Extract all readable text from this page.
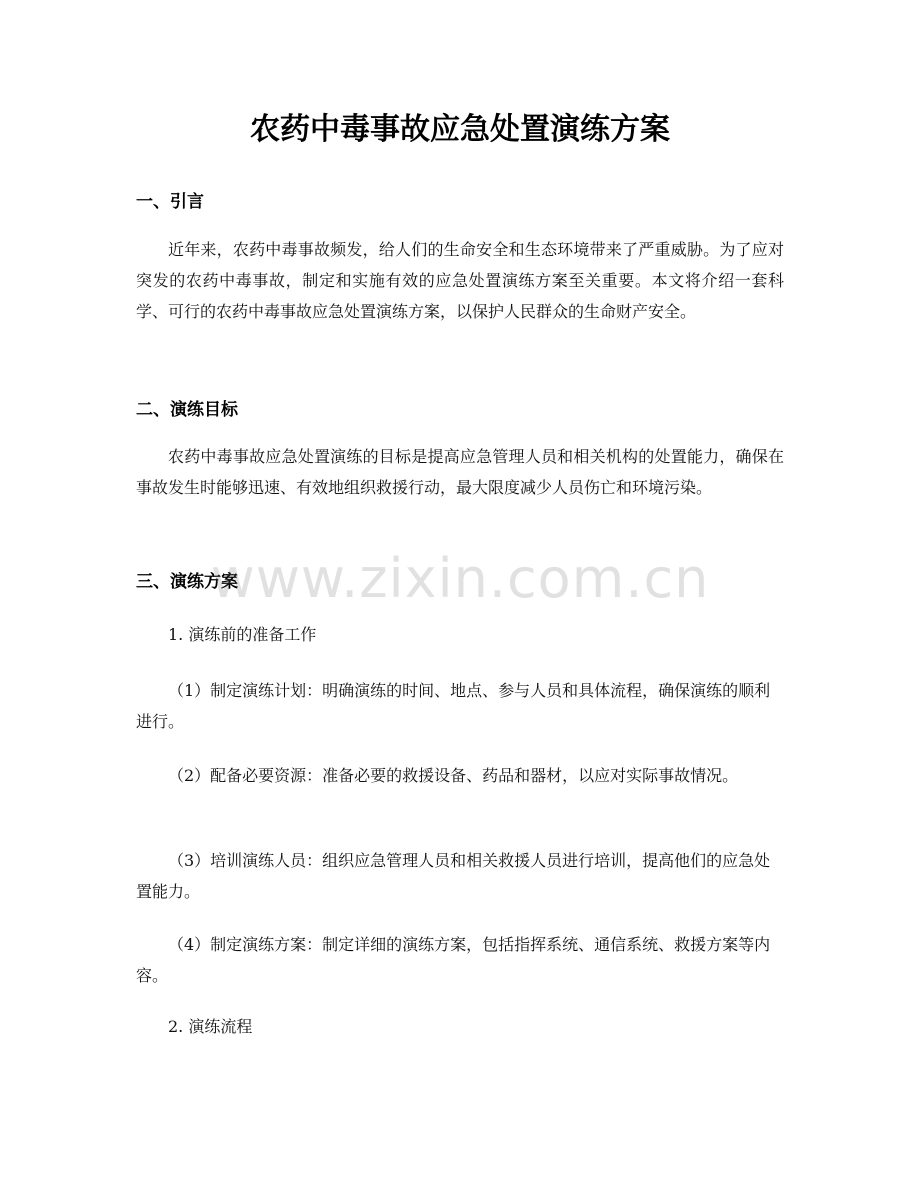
农药中毒事故应急处置演练方案
一、引言
近年来，农药中毒事故频发，给人们的生命安全和生态环境带来了严重威胁。为了应对突发的农药中毒事故，制定和实施有效的应急处置演练方案至关重要。本文将介绍一套科学、可行的农药中毒事故应急处置演练方案，以保护人民群众的生命财产安全。
二、演练目标
农药中毒事故应急处置演练的目标是提高应急管理人员和相关机构的处置能力，确保在事故发生时能够迅速、有效地组织救援行动，最大限度减少人员伤亡和环境污染。
三、演练方案
1. 演练前的准备工作
（1）制定演练计划：明确演练的时间、地点、参与人员和具体流程，确保演练的顺利进行。
（2）配备必要资源：准备必要的救援设备、药品和器材，以应对实际事故情况。
（3）培训演练人员：组织应急管理人员和相关救援人员进行培训，提高他们的应急处置能力。
（4）制定演练方案：制定详细的演练方案，包括指挥系统、通信系统、救援方案等内容。
2. 演练流程
www.zixin.com.cn
